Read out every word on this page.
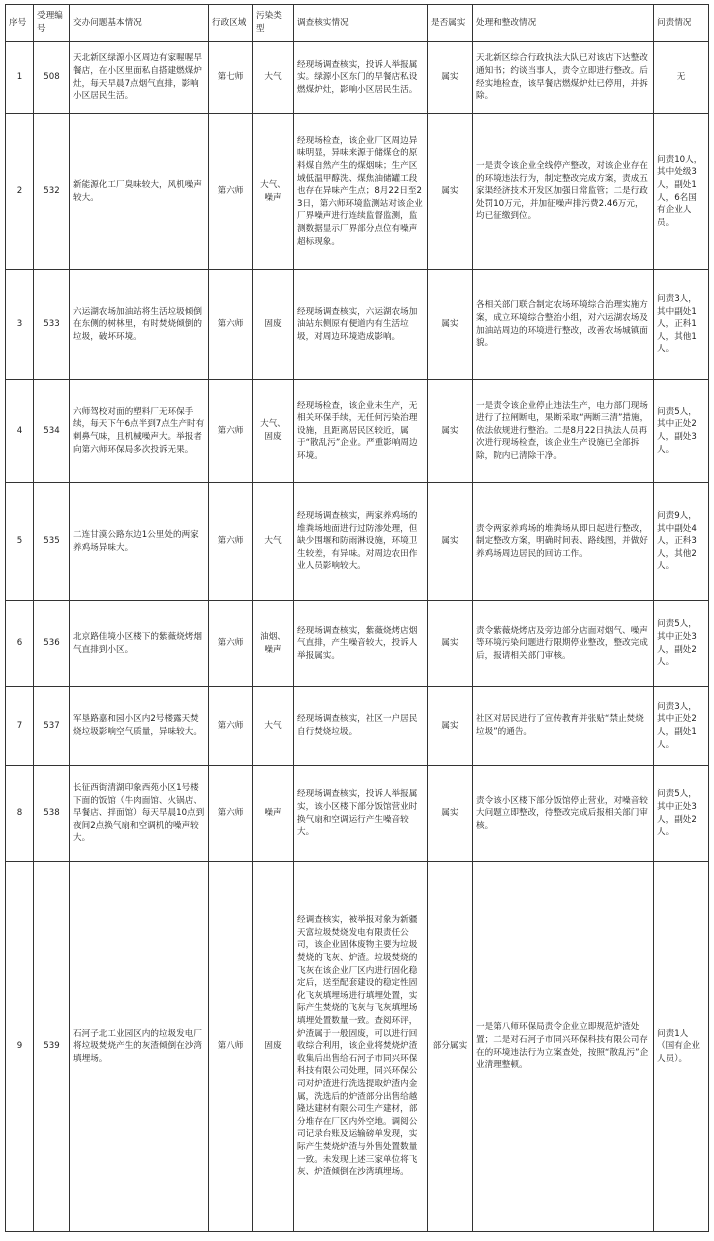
序号	受理编号	交办问题基本情况	行政区域	污染类型	调查核实情况	是否属实	处理和整改情况	问责情况
1	508	天北新区绿源小区周边有家喔喔早餐店，在小区里面私自搭建燃煤炉灶，每天早晨7点烟气直排，影响小区居民生活。	第七师	大气	经现场调查核实，投诉人举报属实。绿源小区东门的早餐店私设燃煤炉灶，影响小区居民生活。	属实	天北新区综合行政执法大队已对该店下达整改通知书；约谈当事人，责令立即进行整改。后经实地检查，该早餐店燃煤炉灶已停用，并拆除。	无
2	532	新能源化工厂臭味较大，风机噪声较大。	第六师	大气、噪声	经现场检查，该企业厂区周边异味明显，异味来源于储煤仓的原料煤自然产生的煤烟味；生产区域低温甲醇洗、煤焦油储罐工段也存在异味产生点；8月22日至23日，第六师环境监测站对该企业厂界噪声进行连续监督监测，监测数据显示厂界部分点位有噪声超标现象。	属实	一是责令该企业全线停产整改，对该企业存在的环境违法行为，制定整改完成方案，责成五家渠经济技术开发区加强日常监管；二是行政处罚10万元，并加征噪声排污费2.46万元，均已征缴到位。	问责10人，其中处级3人，副处1人，6名国有企业人员。
3	533	六运湖农场加油站将生活垃圾倾倒在东侧的树林里，有时焚烧倾倒的垃圾，破坏环境。	第六师	固废	经现场调查核实，六运湖农场加油站东侧原有便道内有生活垃圾，对周边环境造成影响。	属实	各相关部门联合制定农场环境综合治理实施方案，成立环境综合整治小组，对六运湖农场及加油站周边的环境进行整改，改善农场城镇面貌。	问责3人，其中副处1人，正科1人，其他1人。
4	534	六师驾校对面的塑料厂无环保手续，每天下午6点半到7点生产时有刺鼻气味，且机械噪声大。举报者向第六师环保局多次投诉无果。	第六师	大气、固废	经现场检查，该企业未生产，无相关环保手续，无任何污染治理设施，且距离居民区较近，属于“散乱污”企业。严重影响周边环境。	属实	一是责令该企业停止违法生产，电力部门现场进行了拉闸断电，果断采取“两断三清”措施，依法依规进行整治。二是8月22日执法人员再次进行现场检查，该企业生产设施已全部拆除，院内已清除干净。	问责5人，其中正处2人，副处3人。
5	535	二连甘漠公路东边1公里处的两家养鸡场异味大。	第六师	大气	经现场调查核实，两家养鸡场的堆粪场地面进行过防渗处理，但缺少围堰和防雨淋设施，环境卫生较差，有异味。对周边农田作业人员影响较大。	属实	责令两家养鸡场的堆粪场从即日起进行整改，制定整改方案，明确时间表、路线图，并做好养鸡场周边居民的回访工作。	问责9人，其中副处4人，正科3人，其他2人。
6	536	北京路佳境小区楼下的紫薇烧烤烟气直排到小区。	第六师	油烟、噪声	经现场调查核实，紫薇烧烤店烟气直排，产生噪音较大，投诉人举报属实。	属实	责令紫薇烧烤店及旁边部分店面对烟气、噪声等环境污染问题进行限期停业整改，整改完成后，报请相关部门审核。	问责5人，其中正处3人，副处2人。
7	537	军垦路嘉和园小区内2号楼露天焚烧垃圾影响空气质量，异味较大。	第六师	大气	经现场调查核实，社区一户居民自行焚烧垃圾。	属实	社区对居民进行了宣传教育并张贴“禁止焚烧垃圾”的通告。	问责3人，其中正处2人，副处1人。
8	538	长征西街清湖印象西苑小区1号楼下面的饭馆（牛肉面馆、火锅店、早餐店、拌面馆）每天早晨10点到夜间2点换气扇和空调机的噪声较大。	第六师	噪声	经现场调查核实，投诉人举报属实，该小区楼下部分饭馆营业时换气扇和空调运行产生噪音较大。	属实	责令该小区楼下部分饭馆停止营业，对噪音较大问题立即整改，待整改完成后报相关部门审核。	问责5人，其中正处3人，副处2人。
9	539	石河子北工业园区内的垃圾发电厂将垃圾焚烧产生的灰渣倾倒在沙湾填埋场。	第八师	固废	经调查核实，被举报对象为新疆天富垃圾焚烧发电有限责任公司，该企业固体废物主要为垃圾焚烧的飞灰、炉渣。垃圾焚烧的飞灰在该企业厂区内进行固化稳定后，送至配套建设的稳定性固化飞灰填埋场进行填埋处置，实际产生焚烧的飞灰与飞灰填埋场填埋处置数量一致。查阅环评，炉渣属于一般固废，可以进行回收综合利用，该企业将焚烧炉渣收集后出售给石河子市同兴环保科技有限公司处理，同兴环保公司对炉渣进行洗选提取炉渣内金属，洗选后的炉渣部分出售给越隆达建材有限公司生产建材，部分堆存在厂区内外空地。调阅公司记录台账及运输磅单发现，实际产生焚烧炉渣与外售处置数量一致。未发现上述三家单位将飞灰、炉渣倾倒在沙湾填埋场。	部分属实	一是第八师环保局责令企业立即规范炉渣处置；二是对石河子市同兴环保科技有限公司存在的环境违法行为立案查处，按照“散乱污”企业清理整顿。	问责1人（国有企业人员）。
